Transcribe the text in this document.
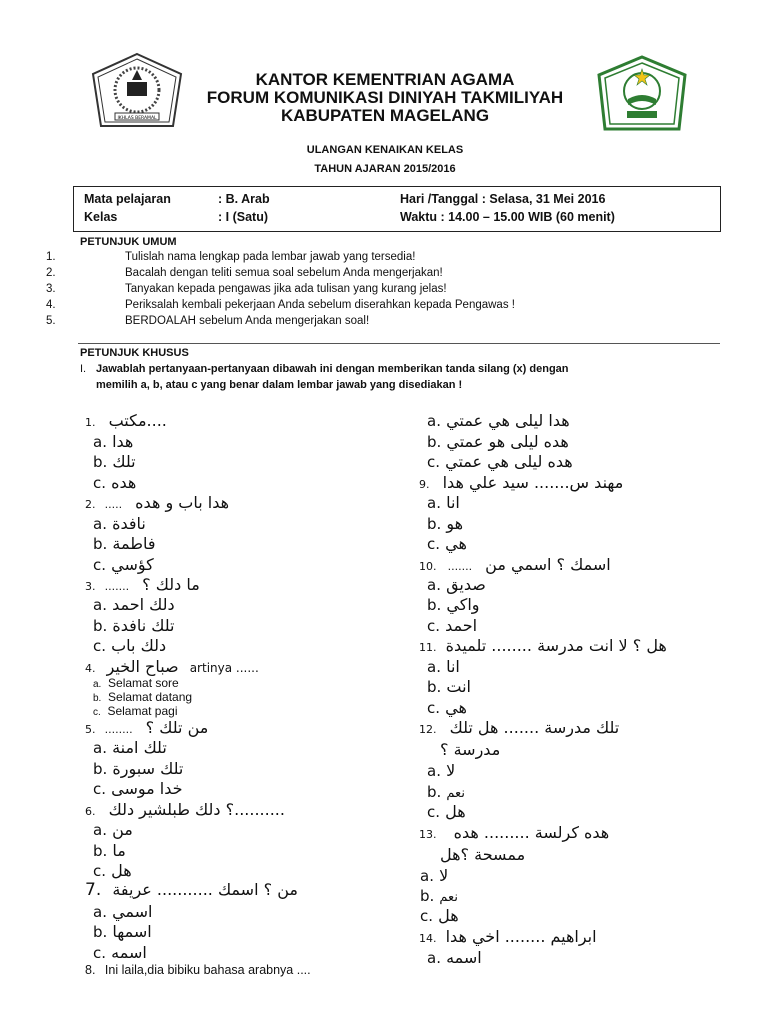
IKHLAS BERAMAL
KANTOR KEMENTRIAN AGAMA
FORUM KOMUNIKASI DINIYAH TAKMILIYAH
KABUPATEN MAGELANG
ULANGAN KENAIKAN KELAS
TAHUN AJARAN 2015/2016
Mata pelajaran	: B. Arab
Kelas	: I (Satu)
Hari /Tanggal : Selasa, 31 Mei 2016
Waktu : 14.00 – 15.00 WIB (60 menit)
PETUNJUK UMUM
1.	Tulislah nama lengkap pada lembar jawab yang tersedia!
2.	Bacalah dengan teliti semua soal sebelum Anda mengerjakan!
3.	Tanyakan kepada pengawas jika ada tulisan yang kurang jelas!
4.	Periksalah kembali pekerjaan Anda sebelum diserahkan kepada Pengawas !
5.	BERDOALAH sebelum Anda mengerjakan soal!
PETUNJUK KHUSUS
I. Jawablah pertanyaan-pertanyaan dibawah ini dengan memberikan tanda silang (x) dengan
memilih a, b, atau c yang benar dalam lembar jawab yang disediakan !
1. مكتب....
a. هدا
b. تلك
c. هده
2. ..... هدا باب و هده
a. نافدة
b. فاطمة
c. كؤسي
3. ....... ما دلك ؟
a. دلك احمد
b. تلك نافدة
c. دلك باب
4. صباح الخير artinya ......
a. Selamat sore
b. Selamat datang
c. Selamat pagi
5. ........ من تلك ؟
a. تلك امنة
b. تلك سبورة
c. خدا موسى
6. ؟ دلك طبلشير دلك..........
a. من
b. ما
c. هل
7. من ؟ اسمك ........... عريفة
a. اسمي
b. اسمها
c. اسمه
8. Ini laila,dia bibiku bahasa arabnya ....
a. هدا ليلى هي عمتي
b. هده ليلى هو عمتي
c. هده ليلى هي عمتي
9. مهند س....... سيد علي هدا
a. انا
b. هو
c. هي
10. ....... اسمك ؟ اسمي من
a. صديق
b. واكي
c. احمد
11. هل ؟ لا انت مدرسة ........ تلميدة
a. انا
b. انت
c. هي
12. تلك مدرسة ....... هل تلك
مدرسة ؟
a. لا
b. نعم
c. هل
13. هده كرلسة ......... هده
ممسحة ؟هل
a. لا
b. نعم
c. هل
14. ابراهيم ........ اخي هدا
a. اسمه
